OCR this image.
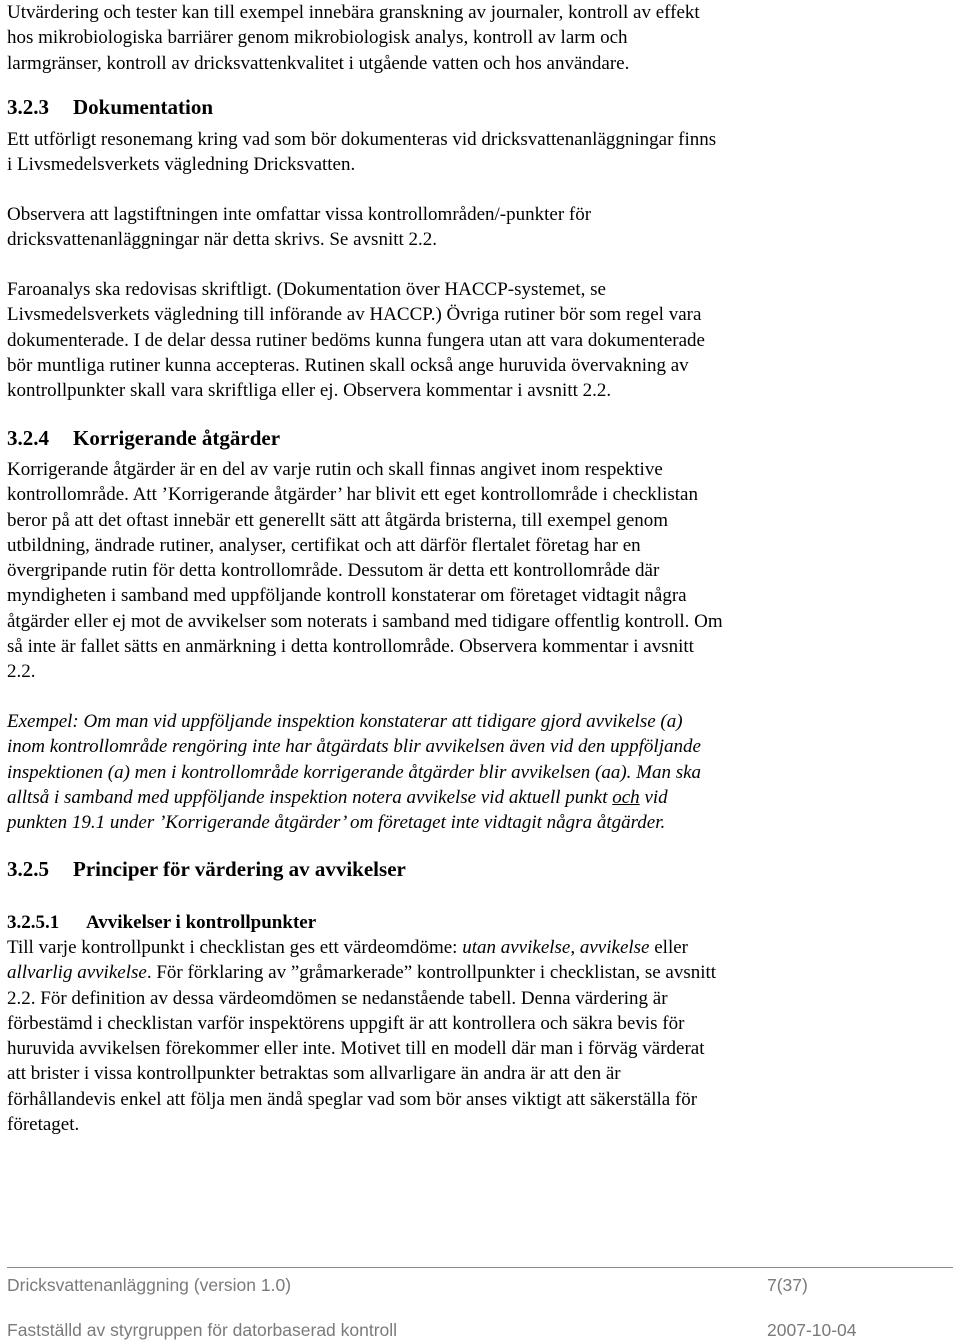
Utvärdering och tester kan till exempel innebära granskning av journaler, kontroll av effekt

hos mikrobiologiska barriärer genom mikrobiologisk analys, kontroll av larm och

larmgränser, kontroll av dricksvattenkvalitet i utgående vatten och hos användare.

3.2.3 Dokumentation

Ett utförligt resonemang kring vad som bör dokumenteras vid dricksvattenanläggningar finns

i Livsmedelsverkets vägledning Dricksvatten.

Observera att lagstiftningen inte omfattar vissa kontrollområden/-punkter för

dricksvattenanläggningar när detta skrivs. Se avsnitt 2.2.

Faroanalys ska redovisas skriftligt. (Dokumentation över HACCP-systemet, se

Livsmedelsverkets vägledning till införande av HACCP.) Övriga rutiner bör som regel vara

dokumenterade. I de delar dessa rutiner bedöms kunna fungera utan att vara dokumenterade

bör muntliga rutiner kunna accepteras. Rutinen skall också ange huruvida övervakning av

kontrollpunkter skall vara skriftliga eller ej. Observera kommentar i avsnitt 2.2.

3.2.4 Korrigerande åtgärder

Korrigerande åtgärder är en del av varje rutin och skall finnas angivet inom respektive

kontrollområde. Att ’Korrigerande åtgärder’ har blivit ett eget kontrollområde i checklistan

beror på att det oftast innebär ett generellt sätt att åtgärda bristerna, till exempel genom

utbildning, ändrade rutiner, analyser, certifikat och att därför flertalet företag har en

övergripande rutin för detta kontrollområde. Dessutom är detta ett kontrollområde där

myndigheten i samband med uppföljande kontroll konstaterar om företaget vidtagit några

åtgärder eller ej mot de avvikelser som noterats i samband med tidigare offentlig kontroll. Om

så inte är fallet sätts en anmärkning i detta kontrollområde. Observera kommentar i avsnitt

2.2.

Exempel: Om man vid uppföljande inspektion konstaterar att tidigare gjord avvikelse (a)

inom kontrollområde rengöring inte har åtgärdats blir avvikelsen även vid den uppföljande

inspektionen (a) men i kontrollområde korrigerande åtgärder blir avvikelsen (aa). Man ska

alltså i samband med uppföljande inspektion notera avvikelse vid aktuell punkt och vid

punkten 19.1 under ’Korrigerande åtgärder’ om företaget inte vidtagit några åtgärder.

3.2.5 Principer för värdering av avvikelser
3.2.5.1 Avvikelser i kontrollpunkter

Till varje kontrollpunkt i checklistan ges ett värdeomdöme: utan avvikelse, avvikelse eller

allvarlig avvikelse. För förklaring av ”gråmarkerade” kontrollpunkter i checklistan, se avsnitt

2.2. För definition av dessa värdeomdömen se nedanstående tabell. Denna värdering är

förbestämd i checklistan varför inspektörens uppgift är att kontrollera och säkra bevis för

huruvida avvikelsen förekommer eller inte. Motivet till en modell där man i förväg värderat

att brister i vissa kontrollpunkter betraktas som allvarligare än andra är att den är

förhållandevis enkel att följa men ändå speglar vad som bör anses viktigt att säkerställa för

företaget.

Dricksvattenanläggning (version 1.0)	7(37)
Fastställd av styrgruppen för datorbaserad kontroll	2007-10-04
